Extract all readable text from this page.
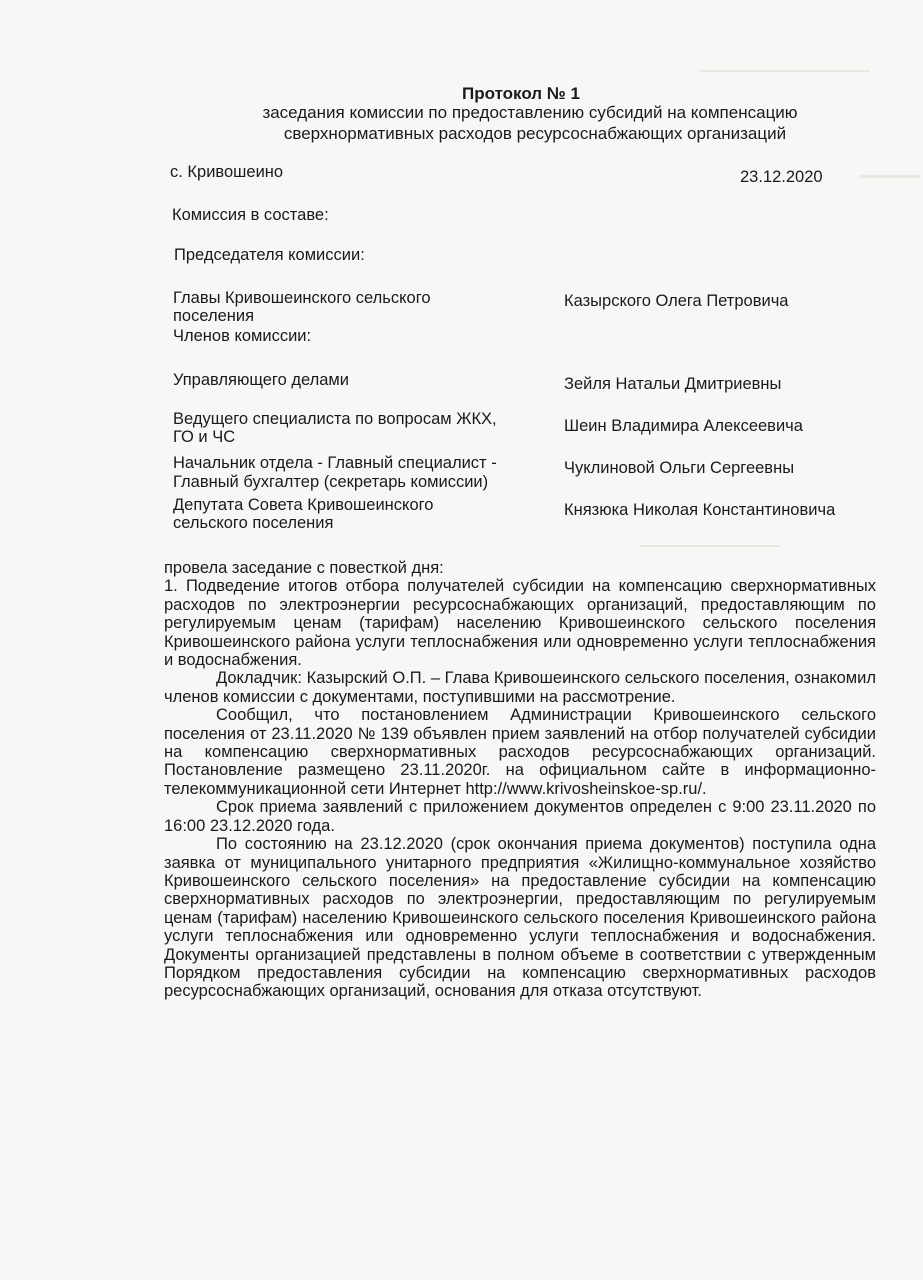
Протокол № 1
заседания комиссии по предоставлению субсидий на компенсацию
сверхнормативных расходов ресурсоснабжающих организаций
с. Кривошеино	23.12.2020
Комиссия в составе:
Председателя комиссии:
Главы Кривошеинского сельского
поселения
Казырского Олега Петровича
Членов комиссии:
Управляющего делами	Зейля Натальи Дмитриевны
Ведущего специалиста по вопросам ЖКХ,
ГО и ЧС
Шеин Владимира Алексеевича
Начальник отдела - Главный специалист -
Главный бухгалтер (секретарь комиссии)
Чуклиновой Ольги Сергеевны
Депутата Совета Кривошеинского
сельского поселения
Князюка Николая Константиновича

провела заседание с повесткой дня:

1. Подведение итогов отбора получателей субсидии на компенсацию сверхнормативных расходов по электроэнергии ресурсоснабжающих организаций, предоставляющим по регулируемым ценам (тарифам) населению Кривошеинского сельского поселения Кривошеинского района услуги теплоснабжения или одновременно услуги теплоснабжения и водоснабжения.

Докладчик: Казырский О.П. – Глава Кривошеинского сельского поселения, ознакомил членов комиссии с документами, поступившими на рассмотрение.

Сообщил, что постановлением Администрации Кривошеинского сельского поселения от 23.11.2020 № 139 объявлен прием заявлений на отбор получателей субсидии на компенсацию сверхнормативных расходов ресурсоснабжающих организаций. Постановление размещено 23.11.2020г. на официальном сайте в информационно-телекоммуникационной сети Интернет http://www.krivosheinskoe-sp.ru/.

Срок приема заявлений с приложением документов определен с 9:00 23.11.2020 по 16:00 23.12.2020 года.

По состоянию на 23.12.2020 (срок окончания приема документов) поступила одна заявка от муниципального унитарного предприятия «Жилищно-коммунальное хозяйство Кривошеинского сельского поселения» на предоставление субсидии на компенсацию сверхнормативных расходов по электроэнергии, предоставляющим по регулируемым ценам (тарифам) населению Кривошеинского сельского поселения Кривошеинского района услуги теплоснабжения или одновременно услуги теплоснабжения и водоснабжения. Документы организацией представлены в полном объеме в соответствии с утвержденным Порядком предоставления субсидии на компенсацию сверхнормативных расходов ресурсоснабжающих организаций, основания для отказа отсутствуют.
